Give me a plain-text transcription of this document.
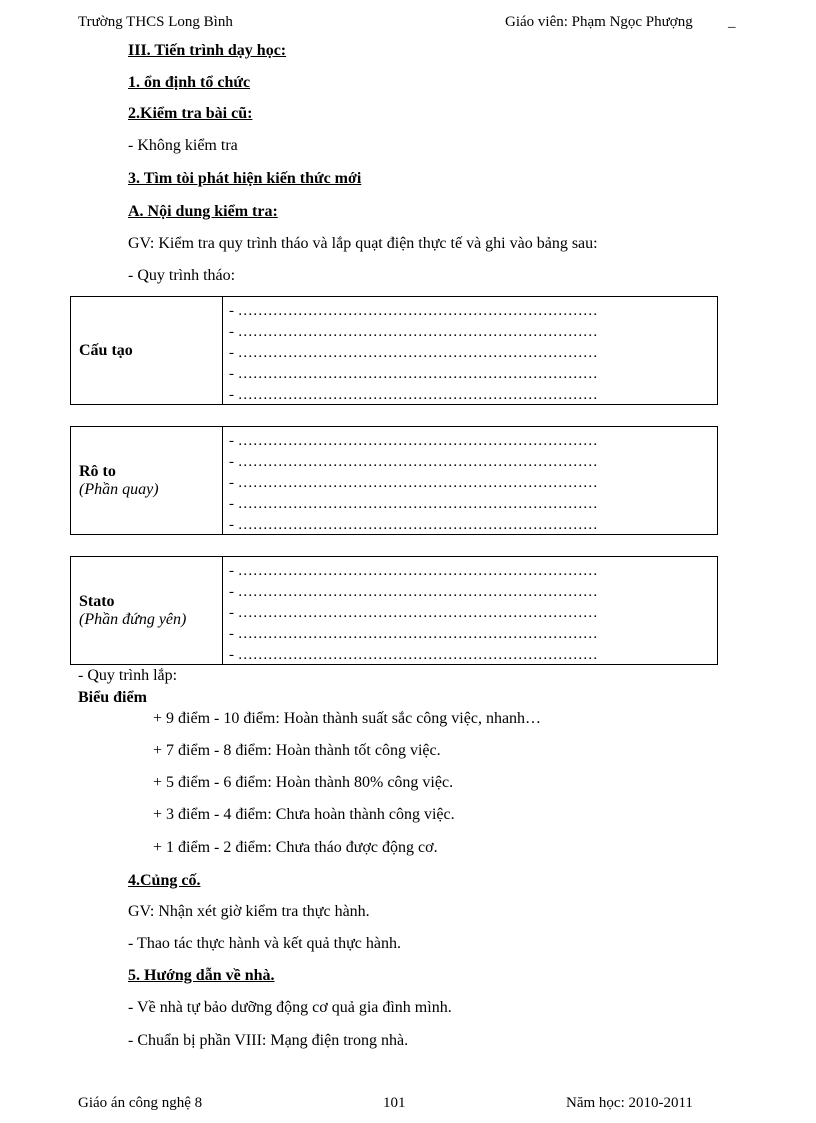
Trường THCS Long Bình	Giáo viên: Phạm Ngọc Phượng _
III. Tiến trình dạy học:
1. ổn định tổ chức
2.Kiểm tra bài cũ:
- Không kiểm tra
3. Tìm tòi phát hiện kiến thức mới
A. Nội dung kiểm tra:
GV: Kiểm tra quy trình tháo và lắp quạt điện thực tế và ghi vào bảng sau:
- Quy trình tháo:
Cấu tạo
- ………………………………………………………………
- ………………………………………………………………
- ………………………………………………………………
- ………………………………………………………………
- ………………………………………………………………
Rô to
(Phần quay)
- ………………………………………………………………
- ………………………………………………………………
- ………………………………………………………………
- ………………………………………………………………
- ………………………………………………………………
Stato
(Phần đứng yên)
- ………………………………………………………………
- ………………………………………………………………
- ………………………………………………………………
- ………………………………………………………………
- ………………………………………………………………
- Quy trình lắp:
Biểu điểm
+ 9 điểm - 10 điểm: Hoàn thành suất sắc công việc, nhanh…
+ 7 điểm - 8 điểm: Hoàn thành tốt công việc.
+ 5 điểm - 6 điểm: Hoàn thành 80% công việc.
+ 3 điểm - 4 điểm: Chưa hoàn thành công việc.
+ 1 điểm - 2 điểm: Chưa tháo được động cơ.
4.Củng cố.
GV: Nhận xét giờ kiểm tra thực hành.
- Thao tác thực hành và kết quả thực hành.
5. Hướng dẫn về nhà.
- Về nhà tự bảo dưỡng động cơ quả gia đình mình.
- Chuẩn bị phần VIII: Mạng điện trong nhà.
Giáo án công nghệ 8	101	Năm học: 2010-2011
